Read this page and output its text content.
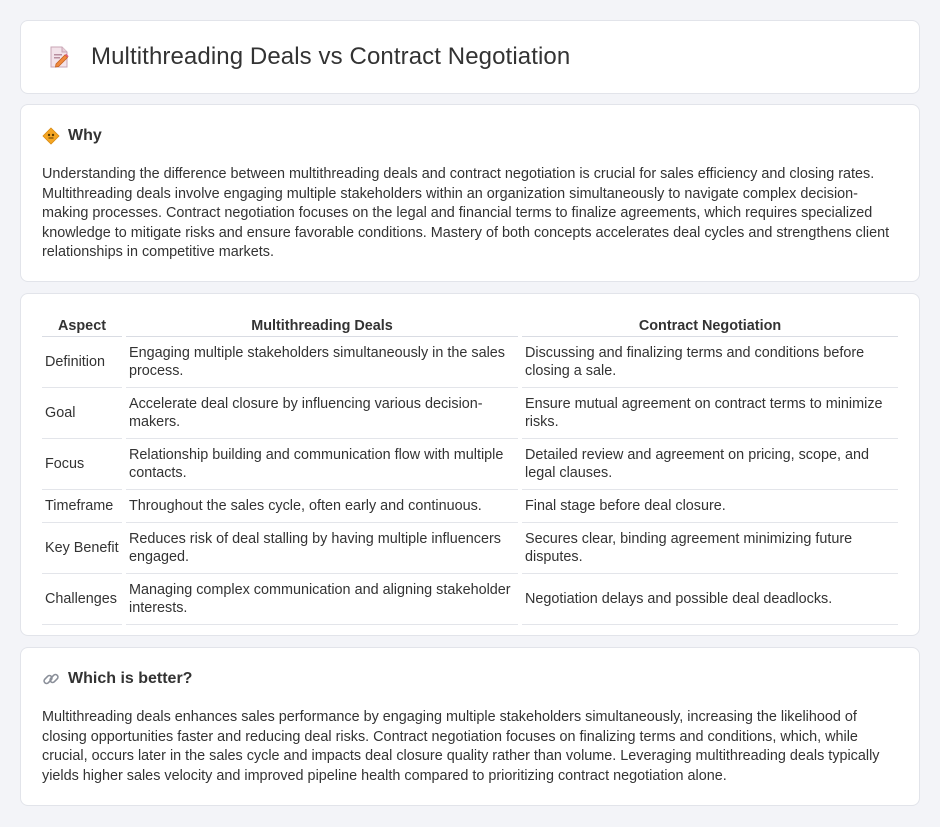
Multithreading Deals vs Contract Negotiation
Why

Understanding the difference between multithreading deals and contract negotiation is crucial for sales efficiency and closing rates. Multithreading deals involve engaging multiple stakeholders within an organization simultaneously to navigate complex decision-making processes. Contract negotiation focuses on the legal and financial terms to finalize agreements, which requires specialized knowledge to mitigate risks and ensure favorable conditions. Mastery of both concepts accelerates deal cycles and strengthens client relationships in competitive markets.

Aspect	Multithreading Deals	Contract Negotiation
Definition	Engaging multiple stakeholders simultaneously in the sales process.	Discussing and finalizing terms and conditions before closing a sale.
Goal	Accelerate deal closure by influencing various decision-makers.	Ensure mutual agreement on contract terms to minimize risks.
Focus	Relationship building and communication flow with multiple contacts.	Detailed review and agreement on pricing, scope, and legal clauses.
Timeframe	Throughout the sales cycle, often early and continuous.	Final stage before deal closure.
Key Benefit	Reduces risk of deal stalling by having multiple influencers engaged.	Secures clear, binding agreement minimizing future disputes.
Challenges	Managing complex communication and aligning stakeholder interests.	Negotiation delays and possible deal deadlocks.
Which is better?

Multithreading deals enhances sales performance by engaging multiple stakeholders simultaneously, increasing the likelihood of closing opportunities faster and reducing deal risks. Contract negotiation focuses on finalizing terms and conditions, which, while crucial, occurs later in the sales cycle and impacts deal closure quality rather than volume. Leveraging multithreading deals typically yields higher sales velocity and improved pipeline health compared to prioritizing contract negotiation alone.
